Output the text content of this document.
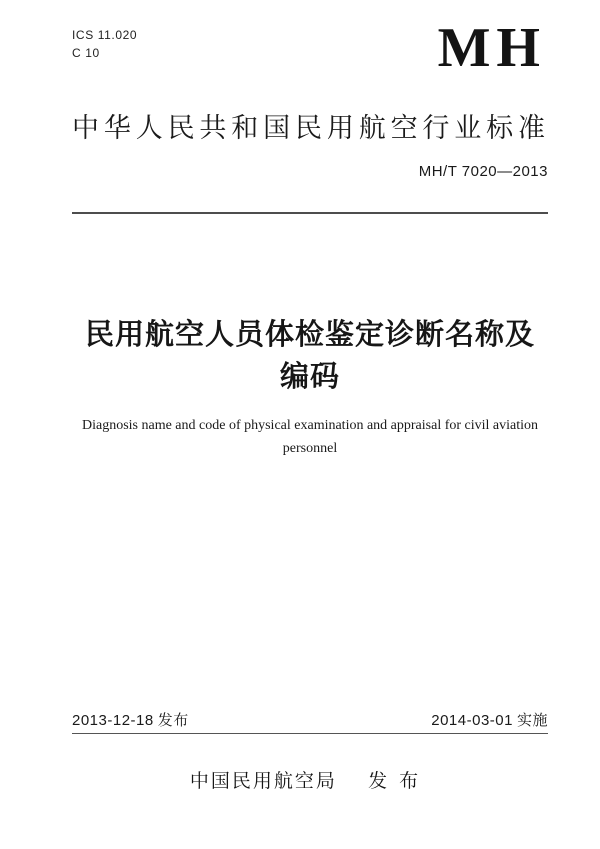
ICS 11.020
C 10	MH
中华人民共和国民用航空行业标准
MH/T 7020—2013
民用航空人员体检鉴定诊断名称及编码

Diagnosis name and code of physical examination and appraisal for civil aviation personnel

2013-12-18 发布	2014-03-01 实施
中国民用航空局 发布
